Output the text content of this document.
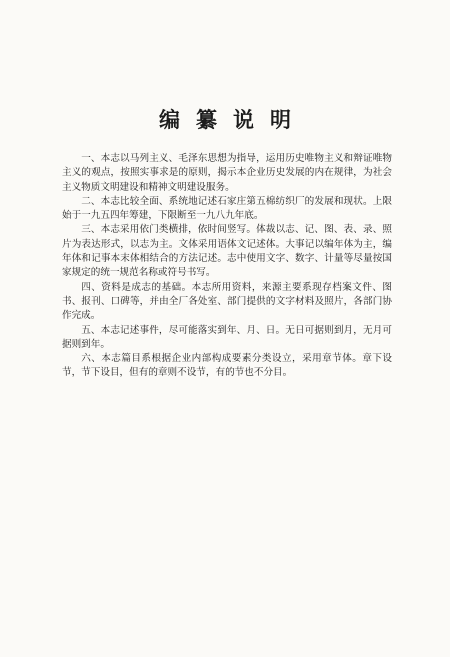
编纂说明

一、本志以马列主义、毛泽东思想为指导，运用历史唯物主义和辩证唯物主义的观点，按照实事求是的原则，揭示本企业历史发展的内在规律，为社会主义物质文明建设和精神文明建设服务。

二、本志比较全面、系统地记述石家庄第五棉纺织厂的发展和现状。上限始于一九五四年筹建，下限断至一九八九年底。

三、本志采用依门类横排，依时间竖写。体裁以志、记、图、表、录、照片为表达形式，以志为主。文体采用语体文记述体。大事记以编年体为主，编年体和记事本末体相结合的方法记述。志中使用文字、数字、计量等尽量按国家规定的统一规范名称或符号书写。

四、资料是成志的基础。本志所用资料，来源主要系现存档案文件、图书、报刊、口碑等，并由全厂各处室、部门提供的文字材料及照片，各部门协作完成。

五、本志记述事件，尽可能落实到年、月、日。无日可据则到月，无月可据则到年。

六、本志篇目系根据企业内部构成要素分类设立，采用章节体。章下设节，节下设目，但有的章则不设节，有的节也不分目。
